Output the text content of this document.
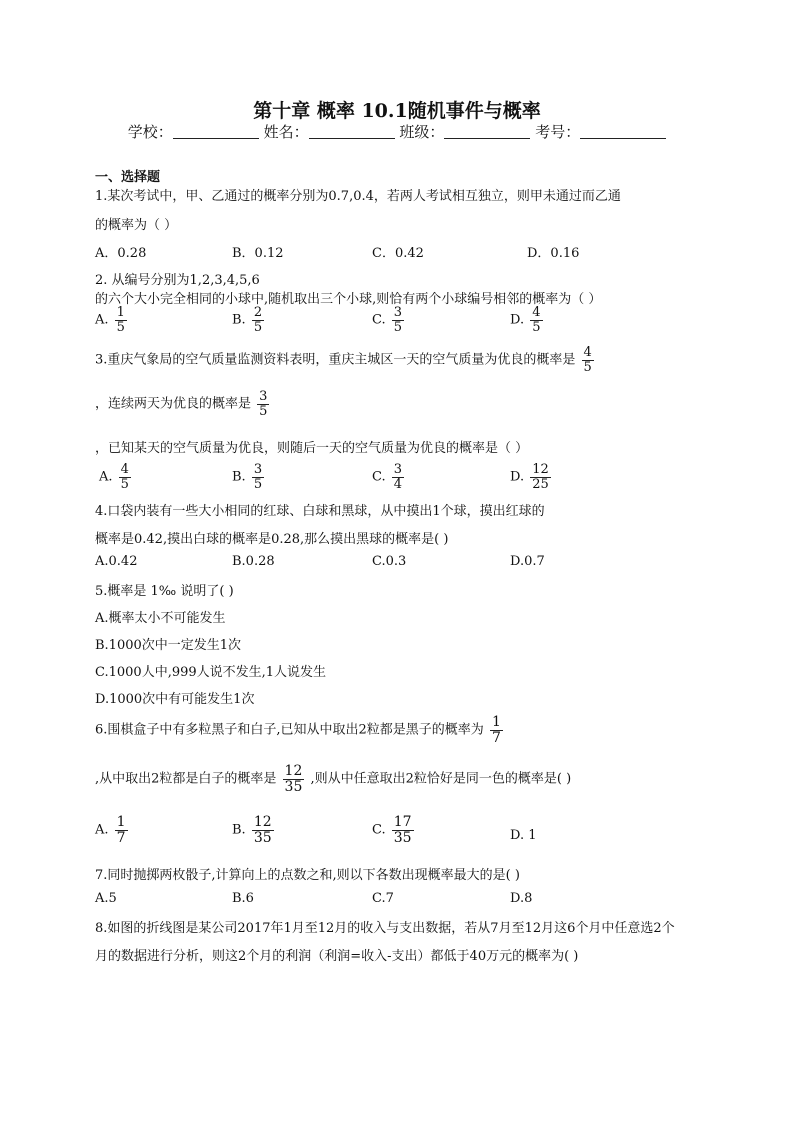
第十章 概率 10.1随机事件与概率
学校：	姓名：	班级：	考号：
一、选择题
1.某次考试中，甲、乙通过的概率分别为0.7,0.4，若两人考试相互独立，则甲未通过而乙通
的概率为（ ）
A．0.28	B．0.12	C．0.42	D．0.16
2. 从编号分别为1,2,3,4,5,6
的六个大小完全相同的小球中,随机取出三个小球,则恰有两个小球编号相邻的概率为（ ）
A. $\frac{1}{5}$	B. $\frac{2}{5}$	C. $\frac{3}{5}$	D. $\frac{4}{5}$
3.重庆气象局的空气质量监测资料表明，重庆主城区一天的空气质量为优良的概率是 $\frac{4}{5}$
，连续两天为优良的概率是 $\frac{3}{5}$
，已知某天的空气质量为优良，则随后一天的空气质量为优良的概率是（ ）
A. $\frac{4}{5}$	B. $\frac{3}{5}$	C. $\frac{3}{4}$	D. $\frac{12}{25}$
4.口袋内装有一些大小相同的红球、白球和黑球，从中摸出1个球，摸出红球的
概率是0.42,摸出白球的概率是0.28,那么摸出黑球的概率是( )
A.0.42	B.0.28	C.0.3	D.0.7
5.概率是 1‰ 说明了( )
A.概率太小不可能发生
B.1000次中一定发生1次
C.1000人中,999人说不发生,1人说发生
D.1000次中有可能发生1次
6.围棋盒子中有多粒黑子和白子,已知从中取出2粒都是黑子的概率为 $\frac{1}{7}$
,从中取出2粒都是白子的概率是 $\frac{12}{35}$ ,则从中任意取出2粒恰好是同一色的概率是( )
A. $\frac{1}{7}$	B. $\frac{12}{35}$	C. $\frac{17}{35}$	D. 1
7.同时抛掷两枚骰子,计算向上的点数之和,则以下各数出现概率最大的是( )
A.5	B.6	C.7	D.8
8.如图的折线图是某公司2017年1月至12月的收入与支出数据，若从7月至12月这6个月中任意选2个
月的数据进行分析，则这2个月的利润（利润=收入-支出）都低于40万元的概率为( )
